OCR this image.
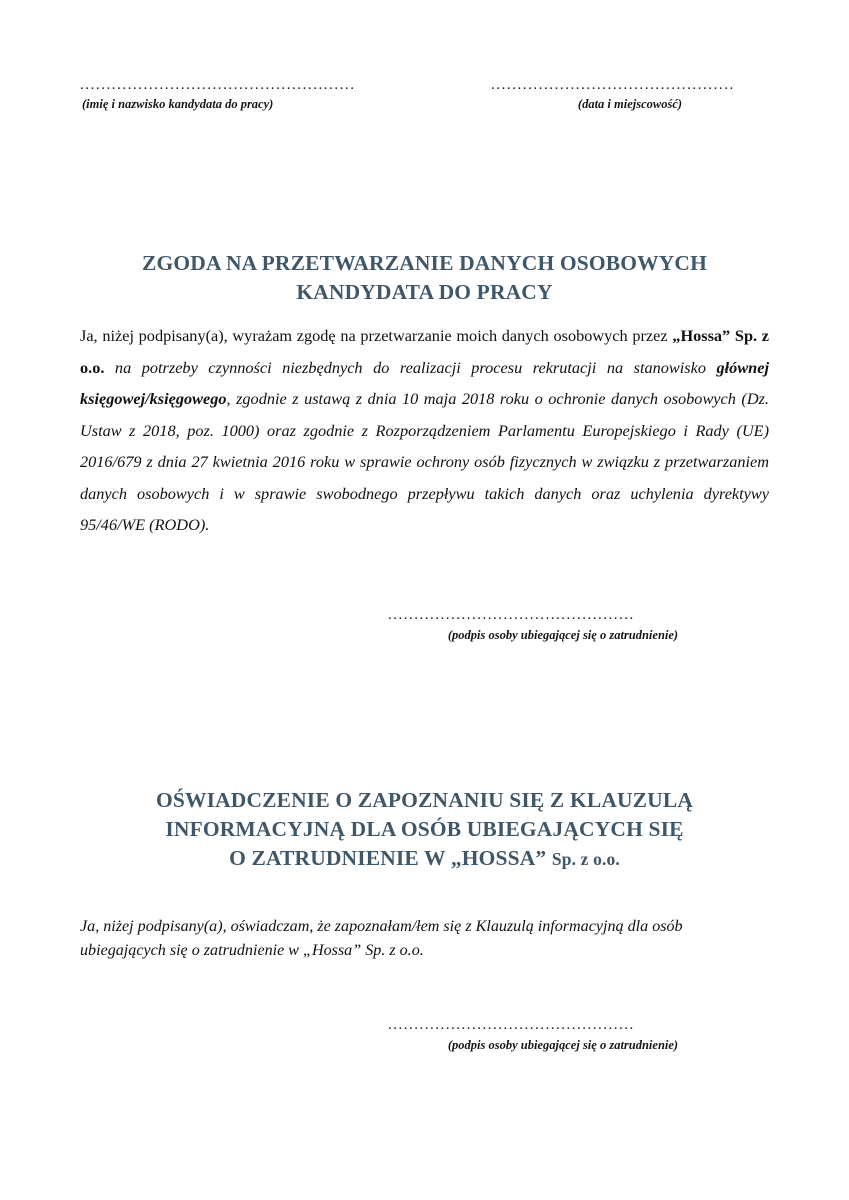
....................................................
(imię i nazwisko kandydata do pracy)
..............................................
(data i miejscowość)
ZGODA NA PRZETWARZANIE DANYCH OSOBOWYCH
KANDYDATA DO PRACY
Ja, niżej podpisany(a), wyrażam zgodę na przetwarzanie moich danych osobowych przez „Hossa” Sp. z o.o. na potrzeby czynności niezbędnych do realizacji procesu rekrutacji na stanowisko głównej księgowej/księgowego, zgodnie z ustawą z dnia 10 maja 2018 roku o ochronie danych osobowych (Dz. Ustaw z 2018, poz. 1000) oraz zgodnie z Rozporządzeniem Parlamentu Europejskiego i Rady (UE) 2016/679 z dnia 27 kwietnia 2016 roku w sprawie ochrony osób fizycznych w związku z przetwarzaniem danych osobowych i w sprawie swobodnego przepływu takich danych oraz uchylenia dyrektywy 95/46/WE (RODO).
...............................................
(podpis osoby ubiegającej się o zatrudnienie)
OŚWIADCZENIE O ZAPOZNANIU SIĘ Z KLAUZULĄ
INFORMACYJNĄ DLA OSÓB UBIEGAJĄCYCH SIĘ
O ZATRUDNIENIE W „HOSSA” Sp. z o.o.
Ja, niżej podpisany(a), oświadczam, że zapoznałam/łem się z Klauzulą informacyjną dla osób ubiegających się o zatrudnienie w „Hossa” Sp. z o.o.
...............................................
(podpis osoby ubiegającej się o zatrudnienie)
